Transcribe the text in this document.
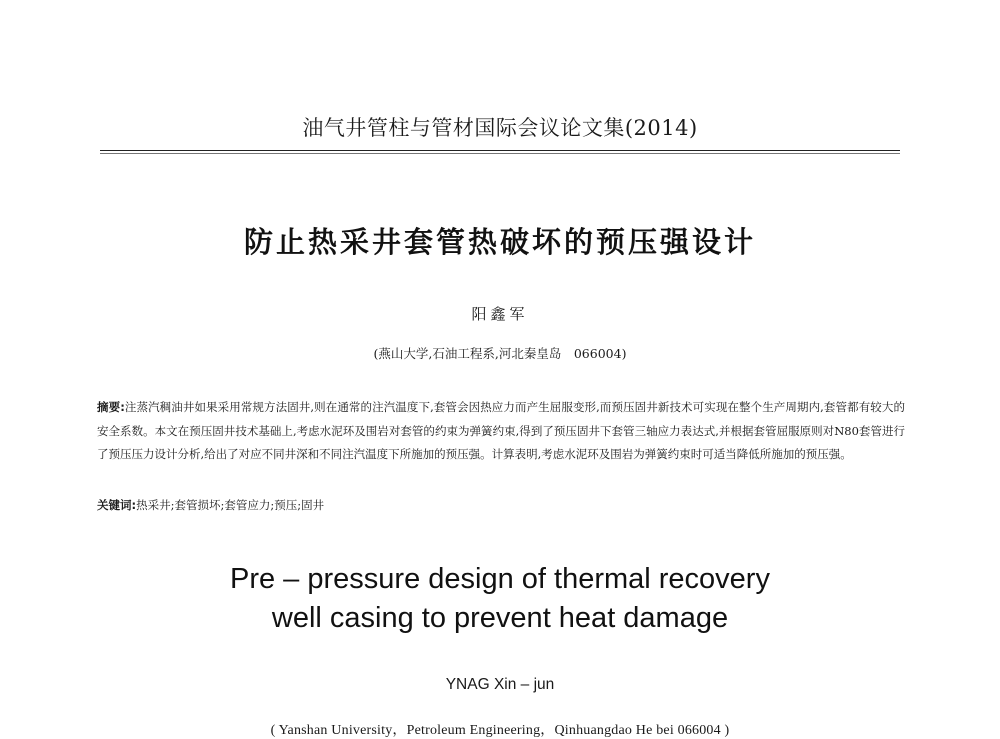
油气井管柱与管材国际会议论文集(2014)
防止热采井套管热破坏的预压强设计
阳鑫军
(燕山大学,石油工程系,河北秦皇岛　066004)
摘要:注蒸汽稠油井如果采用常规方法固井,则在通常的注汽温度下,套管会因热应力而产生屈服变形,而预压固井新技术可实现在整个生产周期内,套管都有较大的安全系数。本文在预压固井技术基础上,考虑水泥环及围岩对套管的约束为弹簧约束,得到了预压固井下套管三轴应力表达式,并根据套管屈服原则对N80套管进行了预压压力设计分析,给出了对应不同井深和不同注汽温度下所施加的预压强。计算表明,考虑水泥环及围岩为弹簧约束时可适当降低所施加的预压强。
关键词:热采井;套管损坏;套管应力;预压;固井
Pre – pressure design of thermal recovery
well casing to prevent heat damage
YNAG Xin – jun
( Yanshan University，Petroleum Engineering，Qinhuangdao He bei 066004 )
